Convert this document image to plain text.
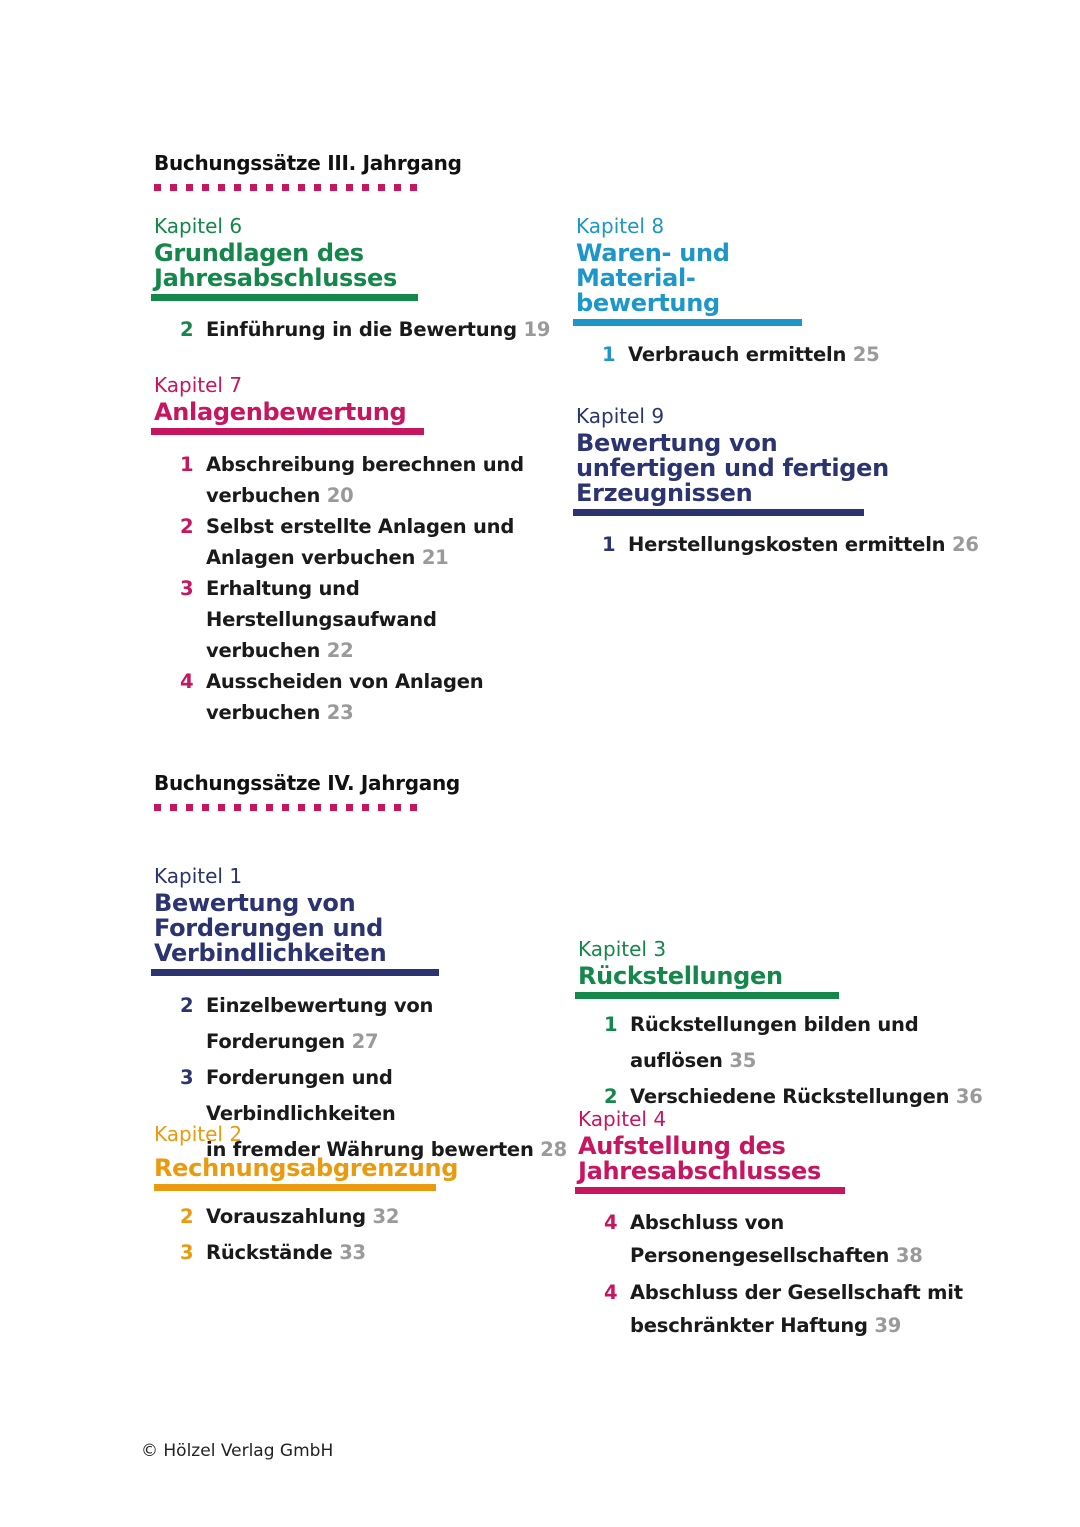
Buchungssätze III. Jahrgang
Kapitel 6
Grundlagen des
Jahresabschlusses
2 Einführung in die Bewertung 19
Kapitel 7
Anlagenbewertung
1 Abschreibung berechnen und
verbuchen 20
2 Selbst erstellte Anlagen und
Anlagen verbuchen 21
3 Erhaltung und Herstellungsaufwand
verbuchen 22
4 Ausscheiden von Anlagen
verbuchen 23
Kapitel 8
Waren- und
Material-
bewertung
1 Verbrauch ermitteln 25
Kapitel 9
Bewertung von
unfertigen und fertigen
Erzeugnissen
1 Herstellungskosten ermitteln 26
Buchungssätze IV. Jahrgang
Kapitel 1
Bewertung von
Forderungen und
Verbindlichkeiten
2 Einzelbewertung von Forderungen 27
3 Forderungen und Verbindlichkeiten
in fremder Währung bewerten 28
Kapitel 2
Rechnungsabgrenzung
2 Vorauszahlung 32
3 Rückstände 33
Kapitel 3
Rückstellungen
1 Rückstellungen bilden und auflösen 35
2 Verschiedene Rückstellungen 36
Kapitel 4
Aufstellung des
Jahresabschlusses
4 Abschluss von
Personengesellschaften 38
4 Abschluss der Gesellschaft mit
beschränkter Haftung 39
© Hölzel Verlag GmbH
